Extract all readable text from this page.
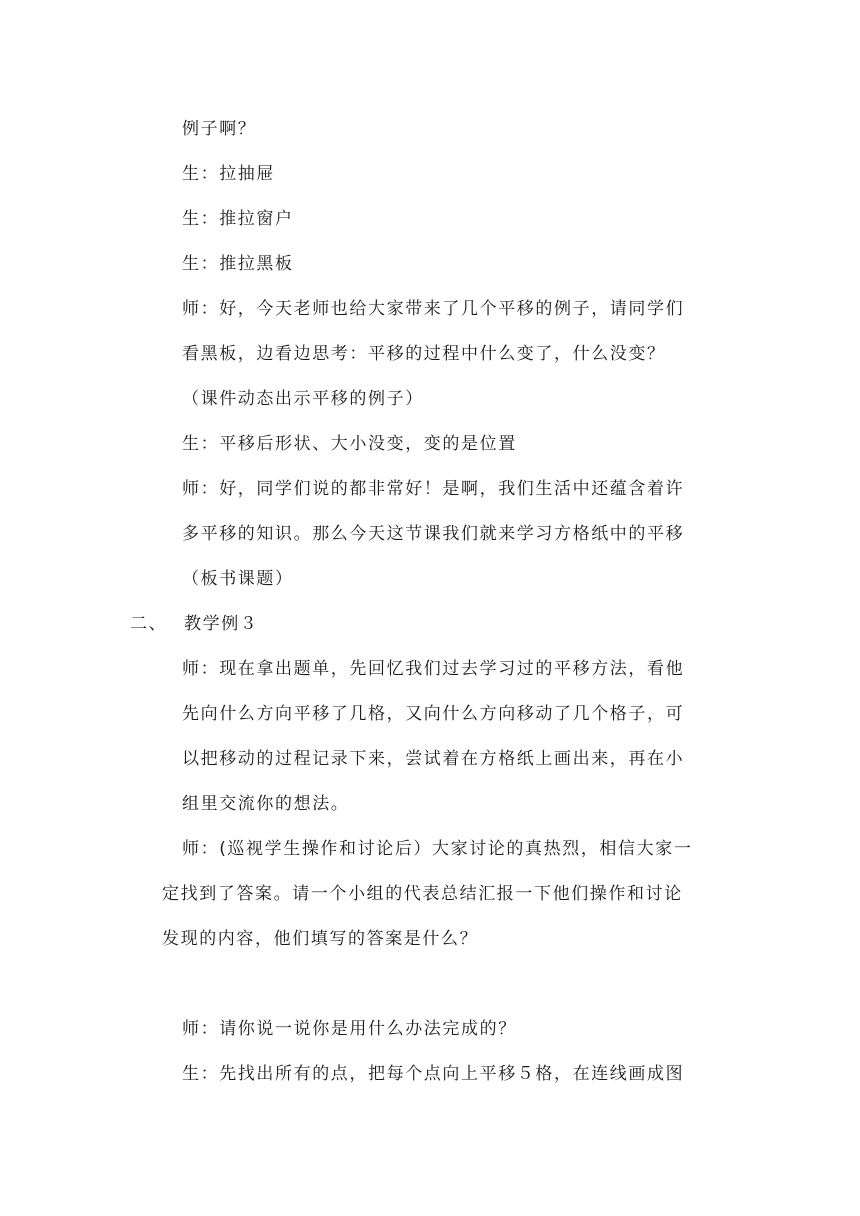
例子啊？
生：拉抽屉
生：推拉窗户
生：推拉黑板
师：好，今天老师也给大家带来了几个平移的例子，请同学们
看黑板，边看边思考：平移的过程中什么变了，什么没变？
（课件动态出示平移的例子）
生：平移后形状、大小没变，变的是位置
师：好，同学们说的都非常好！是啊，我们生活中还蕴含着许
多平移的知识。那么今天这节课我们就来学习方格纸中的平移
（板书课题）
二、 教学例３
师：现在拿出题单，先回忆我们过去学习过的平移方法，看他
先向什么方向平移了几格，又向什么方向移动了几个格子，可
以把移动的过程记录下来，尝试着在方格纸上画出来，再在小
组里交流你的想法。
师：(巡视学生操作和讨论后）大家讨论的真热烈，相信大家一
定找到了答案。请一个小组的代表总结汇报一下他们操作和讨论
发现的内容，他们填写的答案是什么？
师：请你说一说你是用什么办法完成的？
生：先找出所有的点，把每个点向上平移５格，在连线画成图
